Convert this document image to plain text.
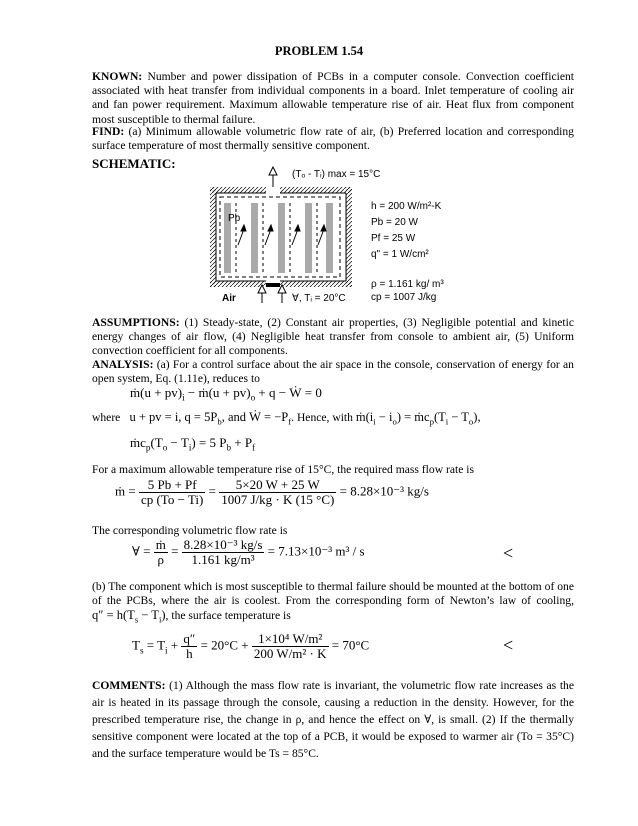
PROBLEM 1.54
KNOWN: Number and power dissipation of PCBs in a computer console. Convection coefficient associated with heat transfer from individual components in a board. Inlet temperature of cooling air and fan power requirement. Maximum allowable temperature rise of air. Heat flux from component most susceptible to thermal failure.
FIND: (a) Minimum allowable volumetric flow rate of air, (b) Preferred location and corresponding surface temperature of most thermally sensitive component.
SCHEMATIC:
(Tₒ - Tᵢ) max = 15°C
Pb
Air	∀, Tᵢ = 20°C
h = 200 W/m²-K
Pb = 20 W
Pf = 25 W
q" = 1 W/cm²
ρ = 1.161 kg/ m³
cp = 1007 J/kg
ASSUMPTIONS: (1) Steady-state, (2) Constant air properties, (3) Negligible potential and kinetic energy changes of air flow, (4) Negligible heat transfer from console to ambient air, (5) Uniform convection coefficient for all components.
ANALYSIS: (a) For a control surface about the air space in the console, conservation of energy for an open system, Eq. (1.11e), reduces to
ṁ(u + $pv)_i$ − ṁ(u + $pv)_o + q$ − Ẇ = 0
where   u + pv = i, $q = 5P_b$, and Ẇ = $-P_f$. Hence, with $ṁ(i_i - i_o)$ = $ṁc_p(T_i - T_o)$,
$ṁc_p(T_o - T_i) = 5$ $P_b + P_f$
For a maximum allowable temperature rise of 15°C, the required mass flow rate is
ṁ = $\frac{5 Pb + Pf}{cp (To - Ti)} = \frac{5\times 20 W + 25 W}{1007 J/kg \cdot K (15 ^\circ C)} = 8.28\times 10^{-3}$ kg/s
The corresponding volumetric flow rate is
∀ = $\frac{\text{ṁ}}{\rho} = \frac{\text{8.28×10⁻³ kg/s}}{\text{1.161 kg/m³}} = 7.13\times 10^{-3}$ m³ / s	<
(b) The component which is most susceptible to thermal failure should be mounted at the bottom of one of the PCBs, where the air is coolest. From the corresponding form of Newton’s law of cooling, $q'' = h(T_s - T_i)$, the surface temperature is
$T_s = T_i + \frac{q''}{h} = 20^\circ C + \frac{\text{1×10⁴ W/m²}}{\text{200 W/m² · K}} = 70^\circ C$	<
COMMENTS: (1) Although the mass flow rate is invariant, the volumetric flow rate increases as the air is heated in its passage through the console, causing a reduction in the density. However, for the prescribed temperature rise, the change in ρ, and hence the effect on ∀, is small. (2) If the thermally sensitive component were located at the top of a PCB, it would be exposed to warmer air (To = 35°C) and the surface temperature would be Ts = 85°C.
